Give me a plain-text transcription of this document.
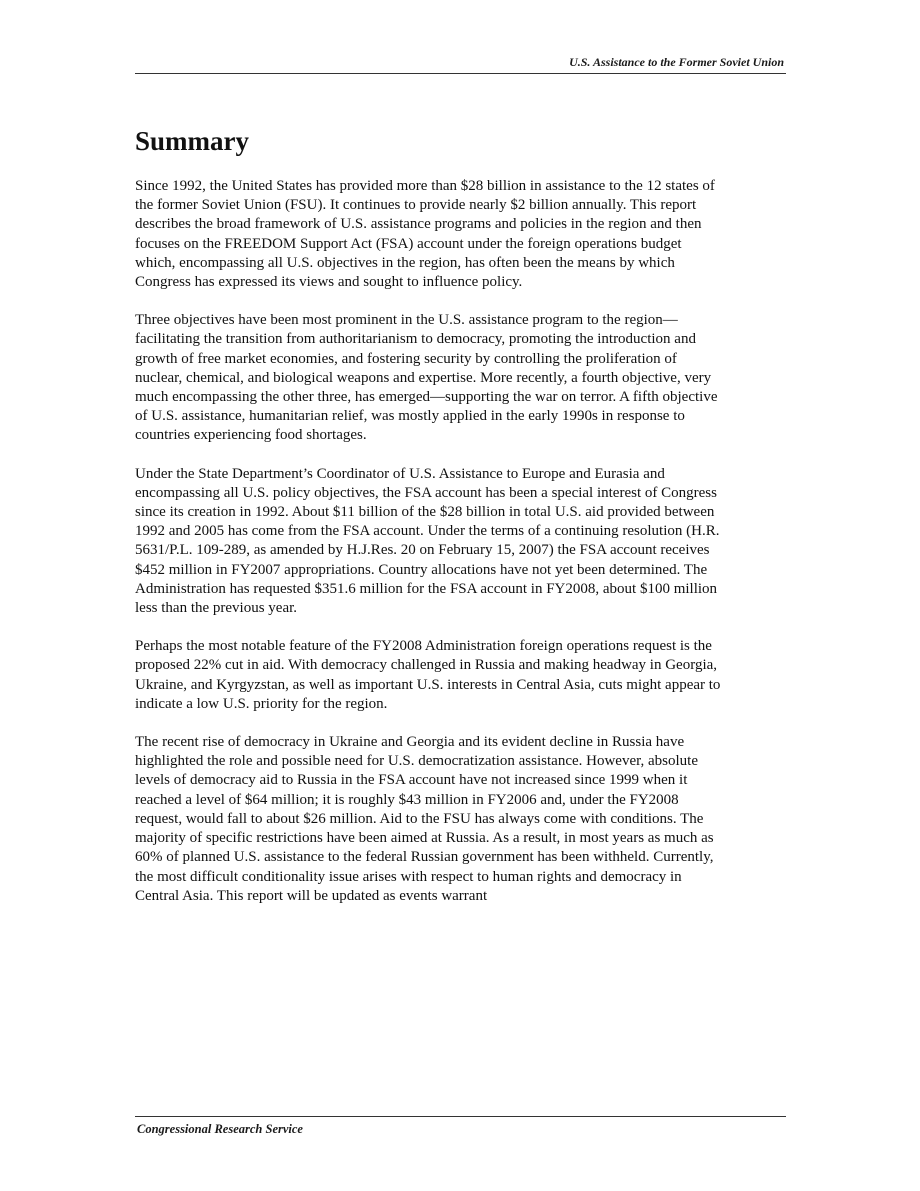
U.S. Assistance to the Former Soviet Union
Summary

Since 1992, the United States has provided more than $28 billion in assistance to the 12 states of
the former Soviet Union (FSU). It continues to provide nearly $2 billion annually. This report
describes the broad framework of U.S. assistance programs and policies in the region and then
focuses on the FREEDOM Support Act (FSA) account under the foreign operations budget
which, encompassing all U.S. objectives in the region, has often been the means by which
Congress has expressed its views and sought to influence policy.

Three objectives have been most prominent in the U.S. assistance program to the region—
facilitating the transition from authoritarianism to democracy, promoting the introduction and
growth of free market economies, and fostering security by controlling the proliferation of
nuclear, chemical, and biological weapons and expertise. More recently, a fourth objective, very
much encompassing the other three, has emerged—supporting the war on terror. A fifth objective
of U.S. assistance, humanitarian relief, was mostly applied in the early 1990s in response to
countries experiencing food shortages.

Under the State Department’s Coordinator of U.S. Assistance to Europe and Eurasia and
encompassing all U.S. policy objectives, the FSA account has been a special interest of Congress
since its creation in 1992. About $11 billion of the $28 billion in total U.S. aid provided between
1992 and 2005 has come from the FSA account. Under the terms of a continuing resolution (H.R.
5631/P.L. 109-289, as amended by H.J.Res. 20 on February 15, 2007) the FSA account receives
$452 million in FY2007 appropriations. Country allocations have not yet been determined. The
Administration has requested $351.6 million for the FSA account in FY2008, about $100 million
less than the previous year.

Perhaps the most notable feature of the FY2008 Administration foreign operations request is the
proposed 22% cut in aid. With democracy challenged in Russia and making headway in Georgia,
Ukraine, and Kyrgyzstan, as well as important U.S. interests in Central Asia, cuts might appear to
indicate a low U.S. priority for the region.

The recent rise of democracy in Ukraine and Georgia and its evident decline in Russia have
highlighted the role and possible need for U.S. democratization assistance. However, absolute
levels of democracy aid to Russia in the FSA account have not increased since 1999 when it
reached a level of $64 million; it is roughly $43 million in FY2006 and, under the FY2008
request, would fall to about $26 million. Aid to the FSU has always come with conditions. The
majority of specific restrictions have been aimed at Russia. As a result, in most years as much as
60% of planned U.S. assistance to the federal Russian government has been withheld. Currently,
the most difficult conditionality issue arises with respect to human rights and democracy in
Central Asia. This report will be updated as events warrant

Congressional Research Service
